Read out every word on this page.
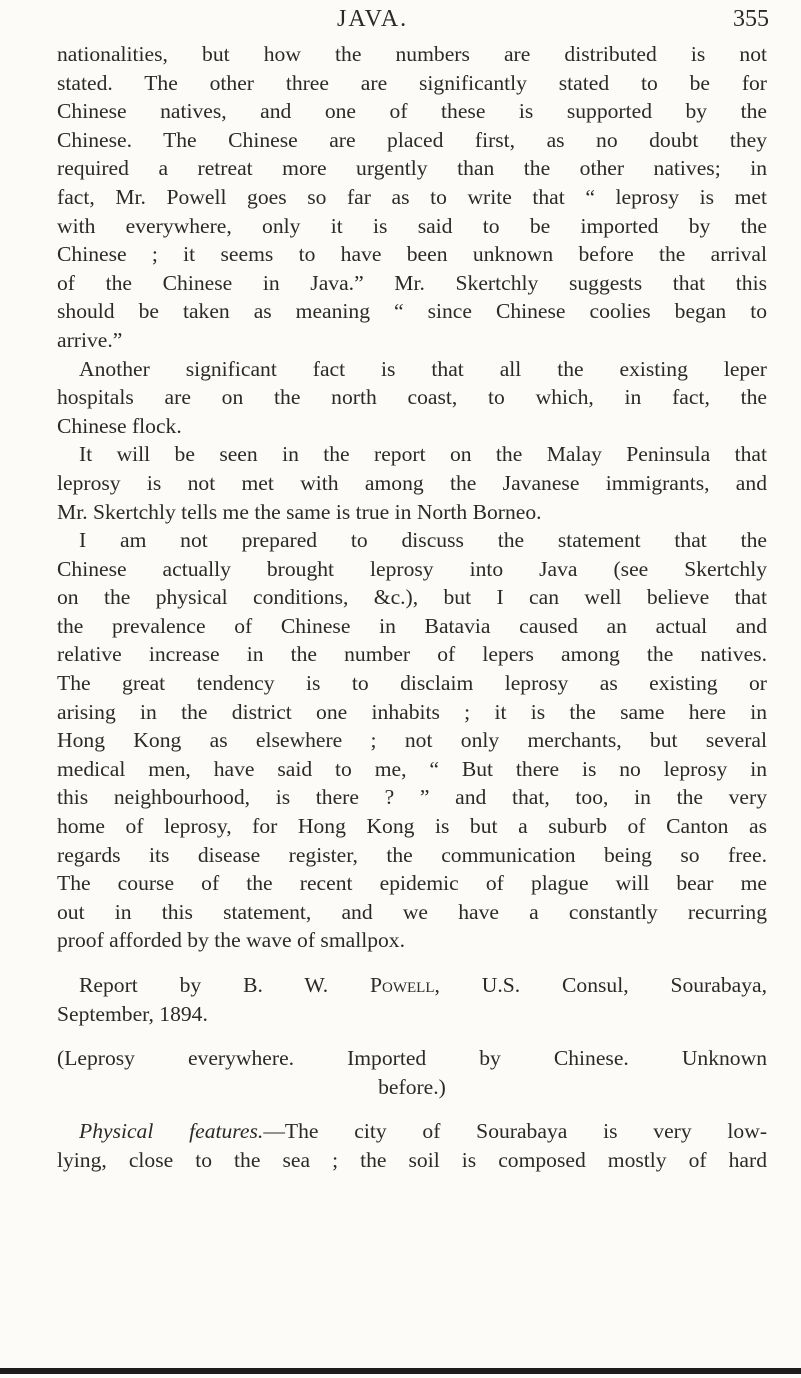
JAVA.	355
nationalities, but how the numbers are distributed is not
stated. The other three are significantly stated to be for
Chinese natives, and one of these is supported by the
Chinese. The Chinese are placed first, as no doubt they
required a retreat more urgently than the other natives; in
fact, Mr. Powell goes so far as to write that “ leprosy is met
with everywhere, only it is said to be imported by the
Chinese ; it seems to have been unknown before the arrival
of the Chinese in Java.” Mr. Skertchly suggests that this
should be taken as meaning “ since Chinese coolies began to
arrive.”
Another significant fact is that all the existing leper
hospitals are on the north coast, to which, in fact, the
Chinese flock.
It will be seen in the report on the Malay Peninsula that
leprosy is not met with among the Javanese immigrants, and
Mr. Skertchly tells me the same is true in North Borneo.
I am not prepared to discuss the statement that the
Chinese actually brought leprosy into Java (see Skertchly
on the physical conditions, &c.), but I can well believe that
the prevalence of Chinese in Batavia caused an actual and
relative increase in the number of lepers among the natives.
The great tendency is to disclaim leprosy as existing or
arising in the district one inhabits ; it is the same here in
Hong Kong as elsewhere ; not only merchants, but several
medical men, have said to me, “ But there is no leprosy in
this neighbourhood, is there ? ” and that, too, in the very
home of leprosy, for Hong Kong is but a suburb of Canton as
regards its disease register, the communication being so free.
The course of the recent epidemic of plague will bear me
out in this statement, and we have a constantly recurring
proof afforded by the wave of smallpox.
Report by B. W. Powell, U.S. Consul, Sourabaya,
September, 1894.
(Leprosy everywhere. Imported by Chinese. Unknown
before.)
Physical features.—The city of Sourabaya is very low-
lying, close to the sea ; the soil is composed mostly of hard
